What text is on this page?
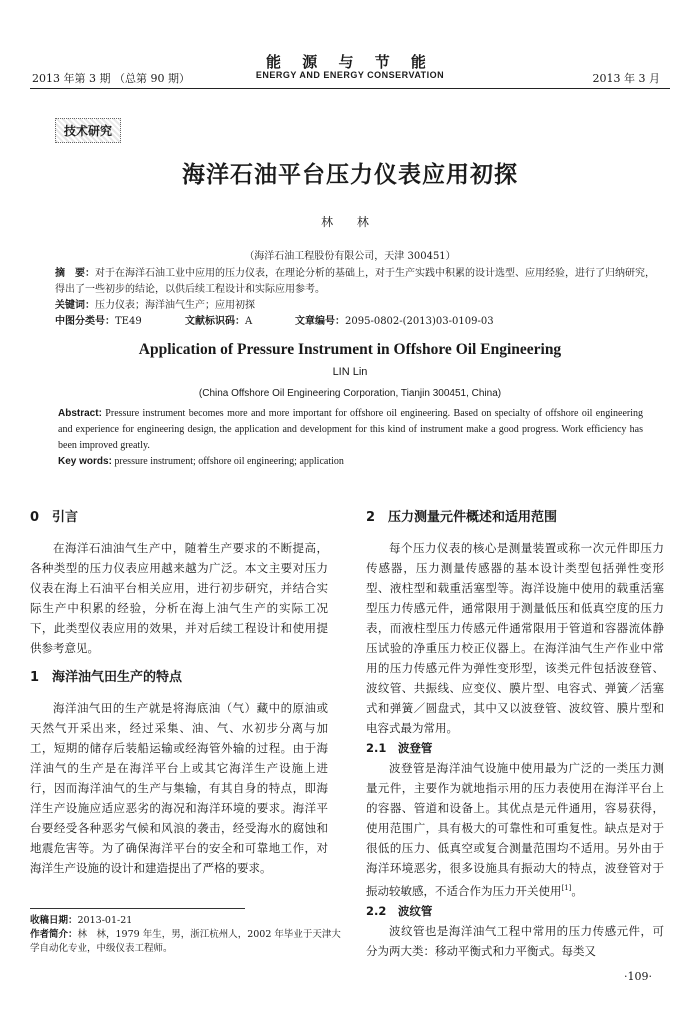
2013 年第 3 期 （总第 90 期）
能 源 与 节 能
ENERGY AND ENERGY CONSERVATION	2013 年 3 月
技术研究
海洋石油平台压力仪表应用初探
林 林
（海洋石油工程股份有限公司，天津 300451）
摘　要：对于在海洋石油工业中应用的压力仪表，在理论分析的基础上，对于生产实践中积累的设计选型、应用经验，进行了归纳研究，得出了一些初步的结论，以供后续工程设计和实际应用参考。
关键词：压力仪表；海洋油气生产；应用初探
中图分类号：TE49	文献标识码：A	文章编号：2095-0802-(2013)03-0109-03
Application of Pressure Instrument in Offshore Oil Engineering
LIN Lin
(China Offshore Oil Engineering Corporation, Tianjin 300451, China)
Abstract: Pressure instrument becomes more and more important for offshore oil engineering. Based on specialty of offshore oil engineering and experience for engineering design, the application and development for this kind of instrument make a good progress. Work efficiency has been improved greatly.
Key words: pressure instrument; offshore oil engineering; application
0　引言

在海洋石油油气生产中，随着生产要求的不断提高，各种类型的压力仪表应用越来越为广泛。本文主要对压力仪表在海上石油平台相关应用，进行初步研究，并结合实际生产中积累的经验，分析在海上油气生产的实际工况下，此类型仪表应用的效果，并对后续工程设计和使用提供参考意见。

1　海洋油气田生产的特点

海洋油气田的生产就是将海底油（气）藏中的原油或天然气开采出来，经过采集、油、气、水初步分离与加工，短期的储存后装船运输或经海管外输的过程。由于海洋油气的生产是在海洋平台上或其它海洋生产设施上进行，因而海洋油气的生产与集输，有其自身的特点，即海洋生产设施应适应恶劣的海况和海洋环境的要求。海洋平台要经受各种恶劣气候和风浪的袭击，经受海水的腐蚀和地震危害等。为了确保海洋平台的安全和可靠地工作，对海洋生产设施的设计和建造提出了严格的要求。

2　压力测量元件概述和适用范围

每个压力仪表的核心是测量装置或称一次元件即压力传感器，压力测量传感器的基本设计类型包括弹性变形型、液柱型和载重活塞型等。海洋设施中使用的载重活塞型压力传感元件，通常限用于测量低压和低真空度的压力表，而液柱型压力传感元件通常限用于管道和容器流体静压试验的净重压力校正仪器上。在海洋油气生产作业中常用的压力传感元件为弹性变形型，该类元件包括波登管、波纹管、共振线、应变仪、膜片型、电容式、弹簧／活塞式和弹簧／圆盘式，其中又以波登管、波纹管、膜片型和电容式最为常用。

2.1　波登管

波登管是海洋油气设施中使用最为广泛的一类压力测量元件，主要作为就地指示用的压力表使用在海洋平台上的容器、管道和设备上。其优点是元件通用，容易获得，使用范围广，具有极大的可靠性和可重复性。缺点是对于很低的压力、低真空或复合测量范围均不适用。另外由于海洋环境恶劣，很多设施具有振动大的特点，波登管对于振动较敏感，不适合作为压力开关使用[1]。

2.2　波纹管

波纹管也是海洋油气工程中常用的压力传感元件，可分为两大类：移动平衡式和力平衡式。每类又

收稿日期：2013-01-21
作者简介：林　林，1979 年生，男，浙江杭州人，2002 年毕业于天津大学自动化专业，中级仪表工程师。
·109·
